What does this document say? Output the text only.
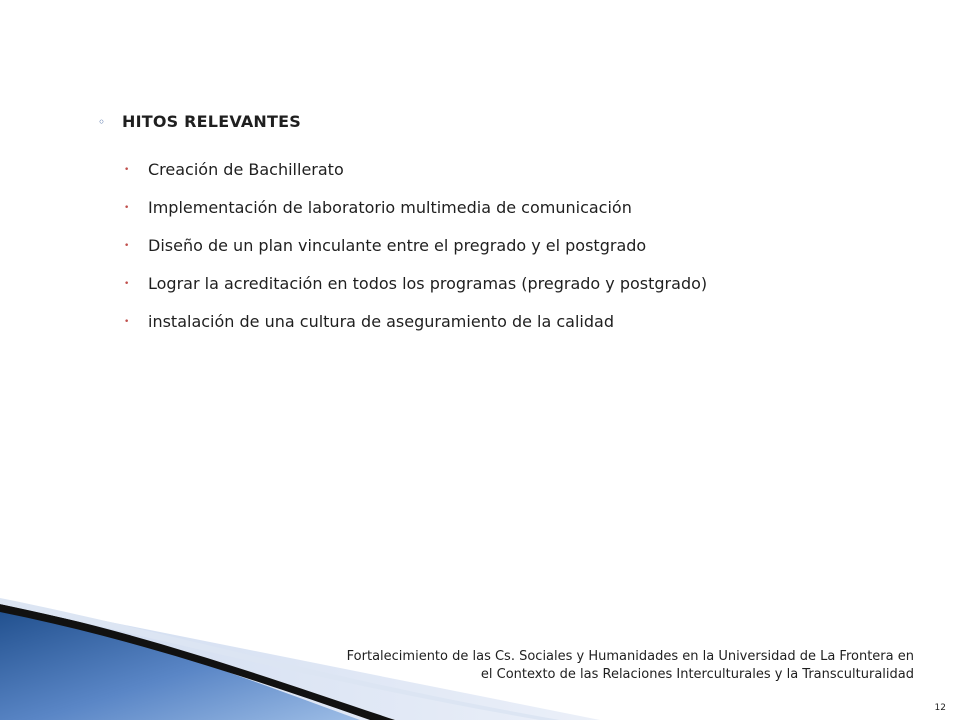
◦	HITOS RELEVANTES
•	Creación de Bachillerato
•	Implementación de laboratorio multimedia de comunicación
•	Diseño de un plan vinculante entre el pregrado y el postgrado
•	Lograr la acreditación en todos los programas (pregrado y postgrado)
•	instalación de una cultura de aseguramiento de la calidad
Fortalecimiento de las Cs. Sociales y Humanidades en la Universidad de La Frontera en
el Contexto de las Relaciones Interculturales y la Transculturalidad
12
